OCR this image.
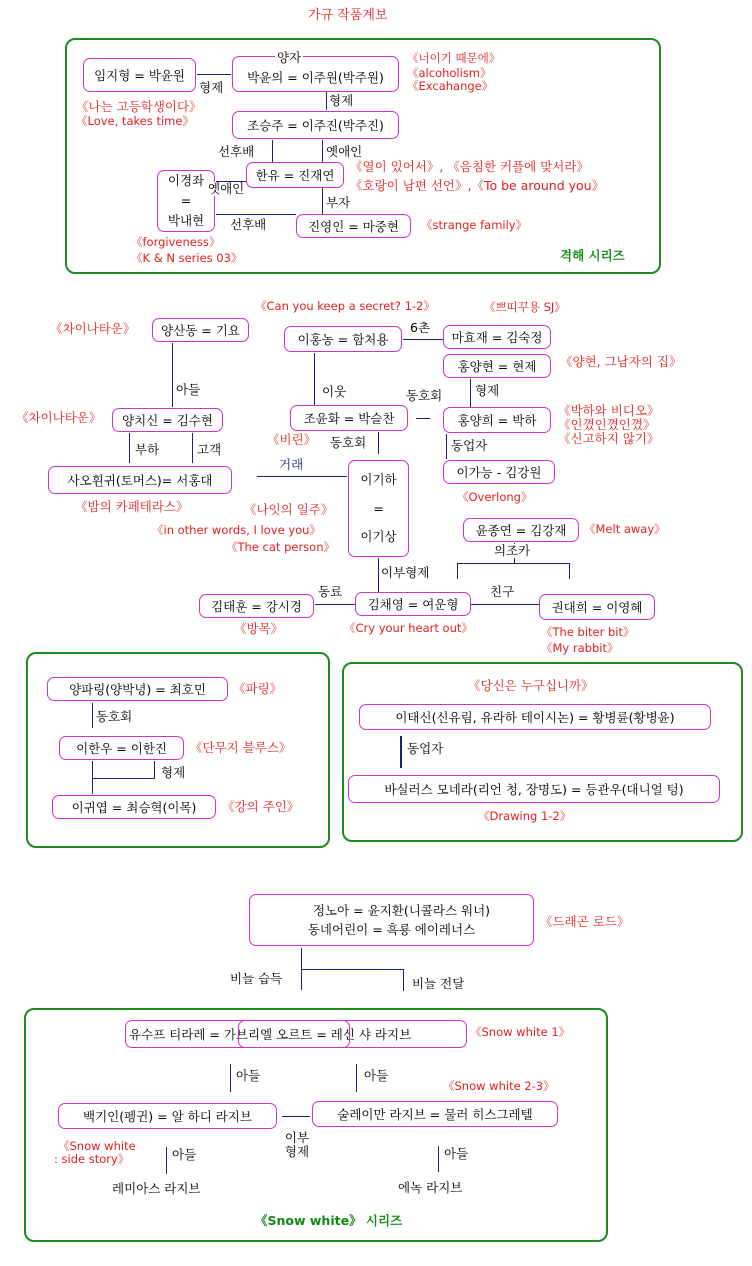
가규 작품계보
임지형 = 박윤원	박윤의 = 이주원(박주원)
양자
형제
《너이기 때문에》
《alcoholism》
《Excahange》
《나는 고등학생이다》
《Love, takes time》
형제
조승주 = 이주진(박주진)
선후배	옛애인
한유 = 진재연
이경좌
=
박내현
옛애인
《열이 있어서》, 《음침한 커플에 맞서라》
《호랑이 남편 선언》,《To be around you》
부자
선후배	진영인 = 마중현	《strange family》
《forgiveness》
《K & N series 03》	격해 시리즈
《Can you keep a secret? 1-2》	《쁘띠꾸용 SJ》
《차이나타운》	양산동 = 기요
이홍농 = 함처용
6촌
마효재 = 김숙정
홍양현 = 현제	《양현, 그남자의 집》
아들	이웃	동호회	형제
《차이나타운》	양치신 = 김수현	조윤화 = 박슬찬	홍양희 = 박하
《박하와 비디오》
《인꼈인꼈인꼈》
《신고하지 않기》
부하	고객
《비린》 동호회	동업자
사오휜귀(토머스)= 서홍대
거래
이기하
=
이기상
이가능 - 김강원
《Overlong》
《나잇의 일주》
《밤의 카페테라스》
《in other words, I love you》
《The cat person》
윤종연 = 김강재	《Melt away》
의조카
이부형제
동료	친구
김태훈 = 강시경	김채영 = 여운형	권대희 = 이영혜
《방목》	《Cry your heart out》	《The biter bit》
《My rabbit》
양파링(양박녕) = 최호민	《파링》
동호회
이한우 = 이한진	《단무지 블루스》
형제
이귀엽 = 최승혁(이목)	《강의 주인》
《당신은 누구십니까》
이태신(신유림, 유라하 테이시논) = 황병륜(황병윤)
동업자
바실러스 모네라(리언 청, 장명도) = 등관우(대니얼 텅)
《Drawing 1-2》
정노아 = 윤지환(니콜라스 워너)
동네어린이 = 흑룡 에이레너스
《드래곤 로드》
비늘 습득	비늘 전달
유수프 티라레 = 가브리엘 오르트 = 레신 샤 라지브	《Snow white 1》
아들	아들
《Snow white 2-3》
백기인(펭귄) = 알 하디 라지브	술레이만 라지브 = 물러 히스그레텔
이부형제
《Snow white
: side story》	아들	아들
레미아스 라지브	에녹 라지브
《Snow white》 시리즈
